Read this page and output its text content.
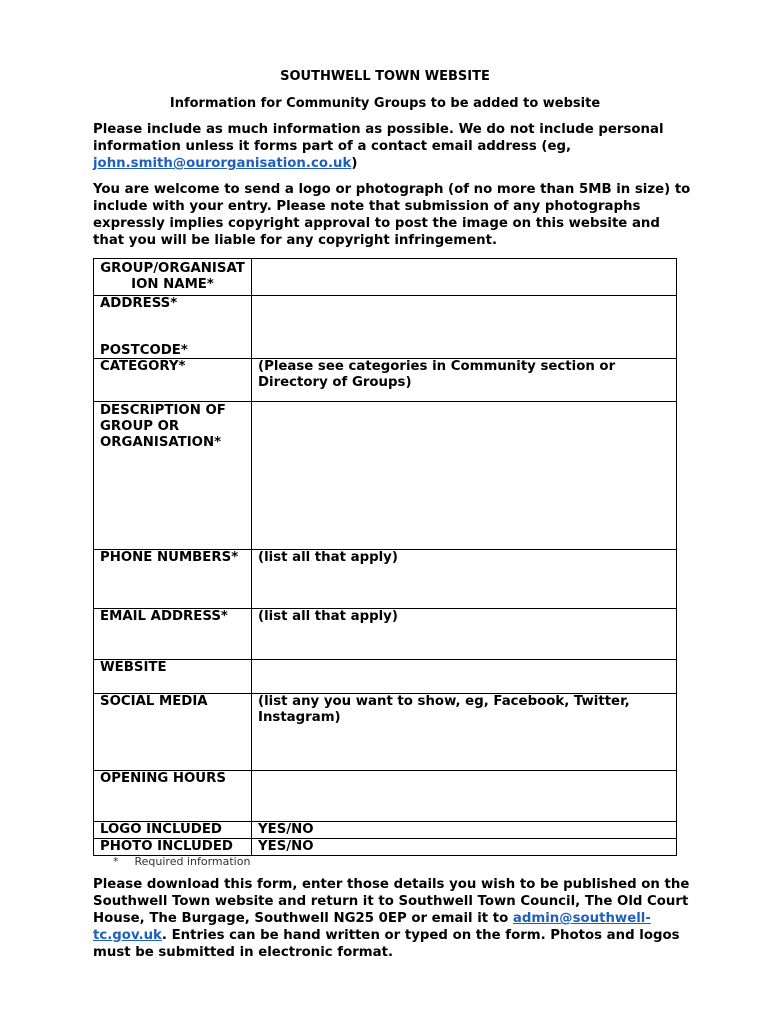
SOUTHWELL TOWN WEBSITE
Information for Community Groups to be added to website
Please include as much information as possible. We do not include personal information unless it forms part of a contact email address (eg, john.smith@ourorganisation.co.uk)
You are welcome to send a logo or photograph (of no more than 5MB in size) to include with your entry. Please note that submission of any photographs expressly implies copyright approval to post the image on this website and that you will be liable for any copyright infringement.
GROUP/ORGANISATION NAME*	

ADDRESS*
POSTCODE*	

CATEGORY*	(Please see categories in Community section or Directory of Groups)
DESCRIPTION OF GROUP OR ORGANISATION*	
PHONE NUMBERS*	(list all that apply)
EMAIL ADDRESS*	(list all that apply)
WEBSITE	
SOCIAL MEDIA	(list any you want to show, eg, Facebook, Twitter, Instagram)
OPENING HOURS	
LOGO INCLUDED	YES/NO
PHOTO INCLUDED	YES/NO
* Required information
Please download this form, enter those details you wish to be published on the Southwell Town website and return it to Southwell Town Council, The Old Court House, The Burgage, Southwell NG25 0EP or email it to admin@southwell-tc.gov.uk. Entries can be hand written or typed on the form. Photos and logos must be submitted in electronic format.
